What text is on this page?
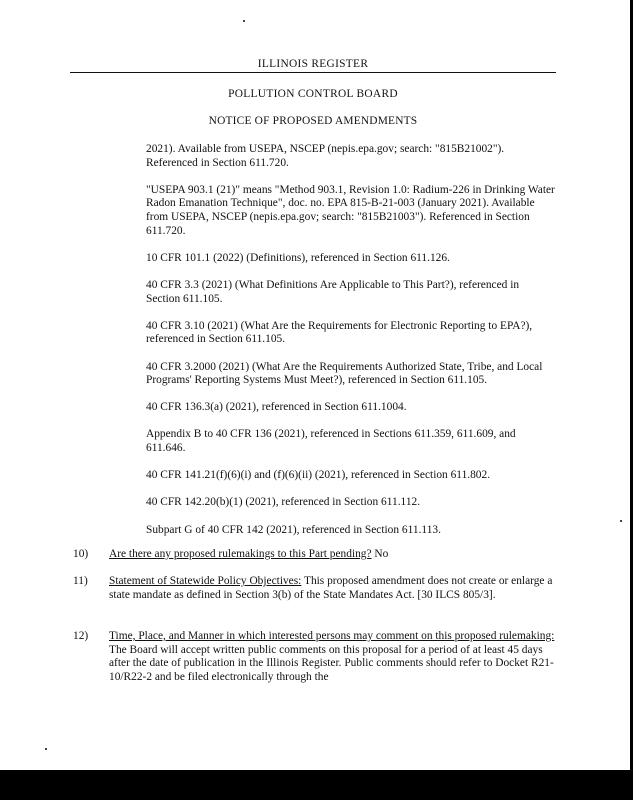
ILLINOIS REGISTER
POLLUTION CONTROL BOARD
NOTICE OF PROPOSED AMENDMENTS

2021). Available from USEPA, NSCEP (nepis.epa.gov; search: "815B21002"). Referenced in Section 611.720.

"USEPA 903.1 (21)" means "Method 903.1, Revision 1.0: Radium-226 in Drinking Water Radon Emanation Technique", doc. no. EPA 815-B-21-003 (January 2021). Available from USEPA, NSCEP (nepis.epa.gov; search: "815B21003"). Referenced in Section 611.720.

10 CFR 101.1 (2022) (Definitions), referenced in Section 611.126.

40 CFR 3.3 (2021) (What Definitions Are Applicable to This Part?), referenced in Section 611.105.

40 CFR 3.10 (2021) (What Are the Requirements for Electronic Reporting to EPA?), referenced in Section 611.105.

40 CFR 3.2000 (2021) (What Are the Requirements Authorized State, Tribe, and Local Programs' Reporting Systems Must Meet?), referenced in Section 611.105.

40 CFR 136.3(a) (2021), referenced in Section 611.1004.

Appendix B to 40 CFR 136 (2021), referenced in Sections 611.359, 611.609, and 611.646.

40 CFR 141.21(f)(6)(i) and (f)(6)(ii) (2021), referenced in Section 611.802.

40 CFR 142.20(b)(1) (2021), referenced in Section 611.112.

Subpart G of 40 CFR 142 (2021), referenced in Section 611.113.

10) Are there any proposed rulemakings to this Part pending? No
11) Statement of Statewide Policy Objectives: This proposed amendment does not create or enlarge a state mandate as defined in Section 3(b) of the State Mandates Act. [30 ILCS 805/3].
12) Time, Place, and Manner in which interested persons may comment on this proposed rulemaking: The Board will accept written public comments on this proposal for a period of at least 45 days after the date of publication in the Illinois Register. Public comments should refer to Docket R21-10/R22-2 and be filed electronically through the
